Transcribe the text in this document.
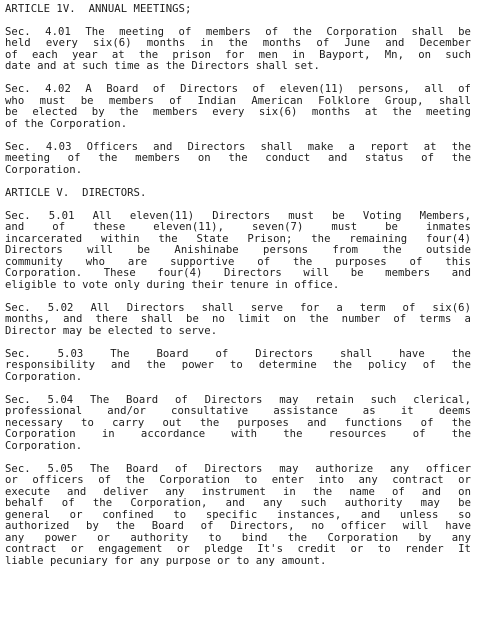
ARTICLE 1V.  ANNUAL MEETINGS;
Sec. 4.01 The meeting of members of the Corporation shall be
held every six(6) months in the months of June and December
of each year at the prison for men in Bayport, Mn, on such
date and at such time as the Directors shall set.
Sec. 4.02 A Board of Directors of eleven(11) persons, all of
who must be members of Indian American Folklore Group, shall
be elected by the members every six(6) months at the meeting
of the Corporation.
Sec. 4.03 Officers and Directors shall make a report at the
meeting of the members on the conduct and status of the
Corporation.
ARTICLE V.  DIRECTORS.
Sec. 5.01 All eleven(11) Directors must be Voting Members,
and of these eleven(11), seven(7) must be inmates
incarcerated within the State Prison; the remaining four(4)
Directors will be Anishinabe persons from the outside
community who are supportive of the purposes of this
Corporation. These four(4) Directors will be members and
eligible to vote only during their tenure in office.
Sec. 5.02 All Directors shall serve for a term of six(6)
months, and there shall be no limit on the number of terms a
Director may be elected to serve.
Sec. 5.03 The Board of Directors shall have the
responsibility and the power to determine the policy of the
Corporation.
Sec. 5.04 The Board of Directors may retain such clerical,
professional and/or consultative assistance as it deems
necessary to carry out the purposes and functions of the
Corporation in accordance with the resources of the
Corporation.
Sec. 5.05 The Board of Directors may authorize any officer
or officers of the Corporation to enter into any contract or
execute and deliver any instrument in the name of and on
behalf of the Corporation, and any such authority may be
general or confined to specific instances, and unless so
authorized by the Board of Directors, no officer will have
any power or authority to bind the Corporation by any
contract or engagement or pledge It's credit or to render It
liable pecuniary for any purpose or to any amount.
